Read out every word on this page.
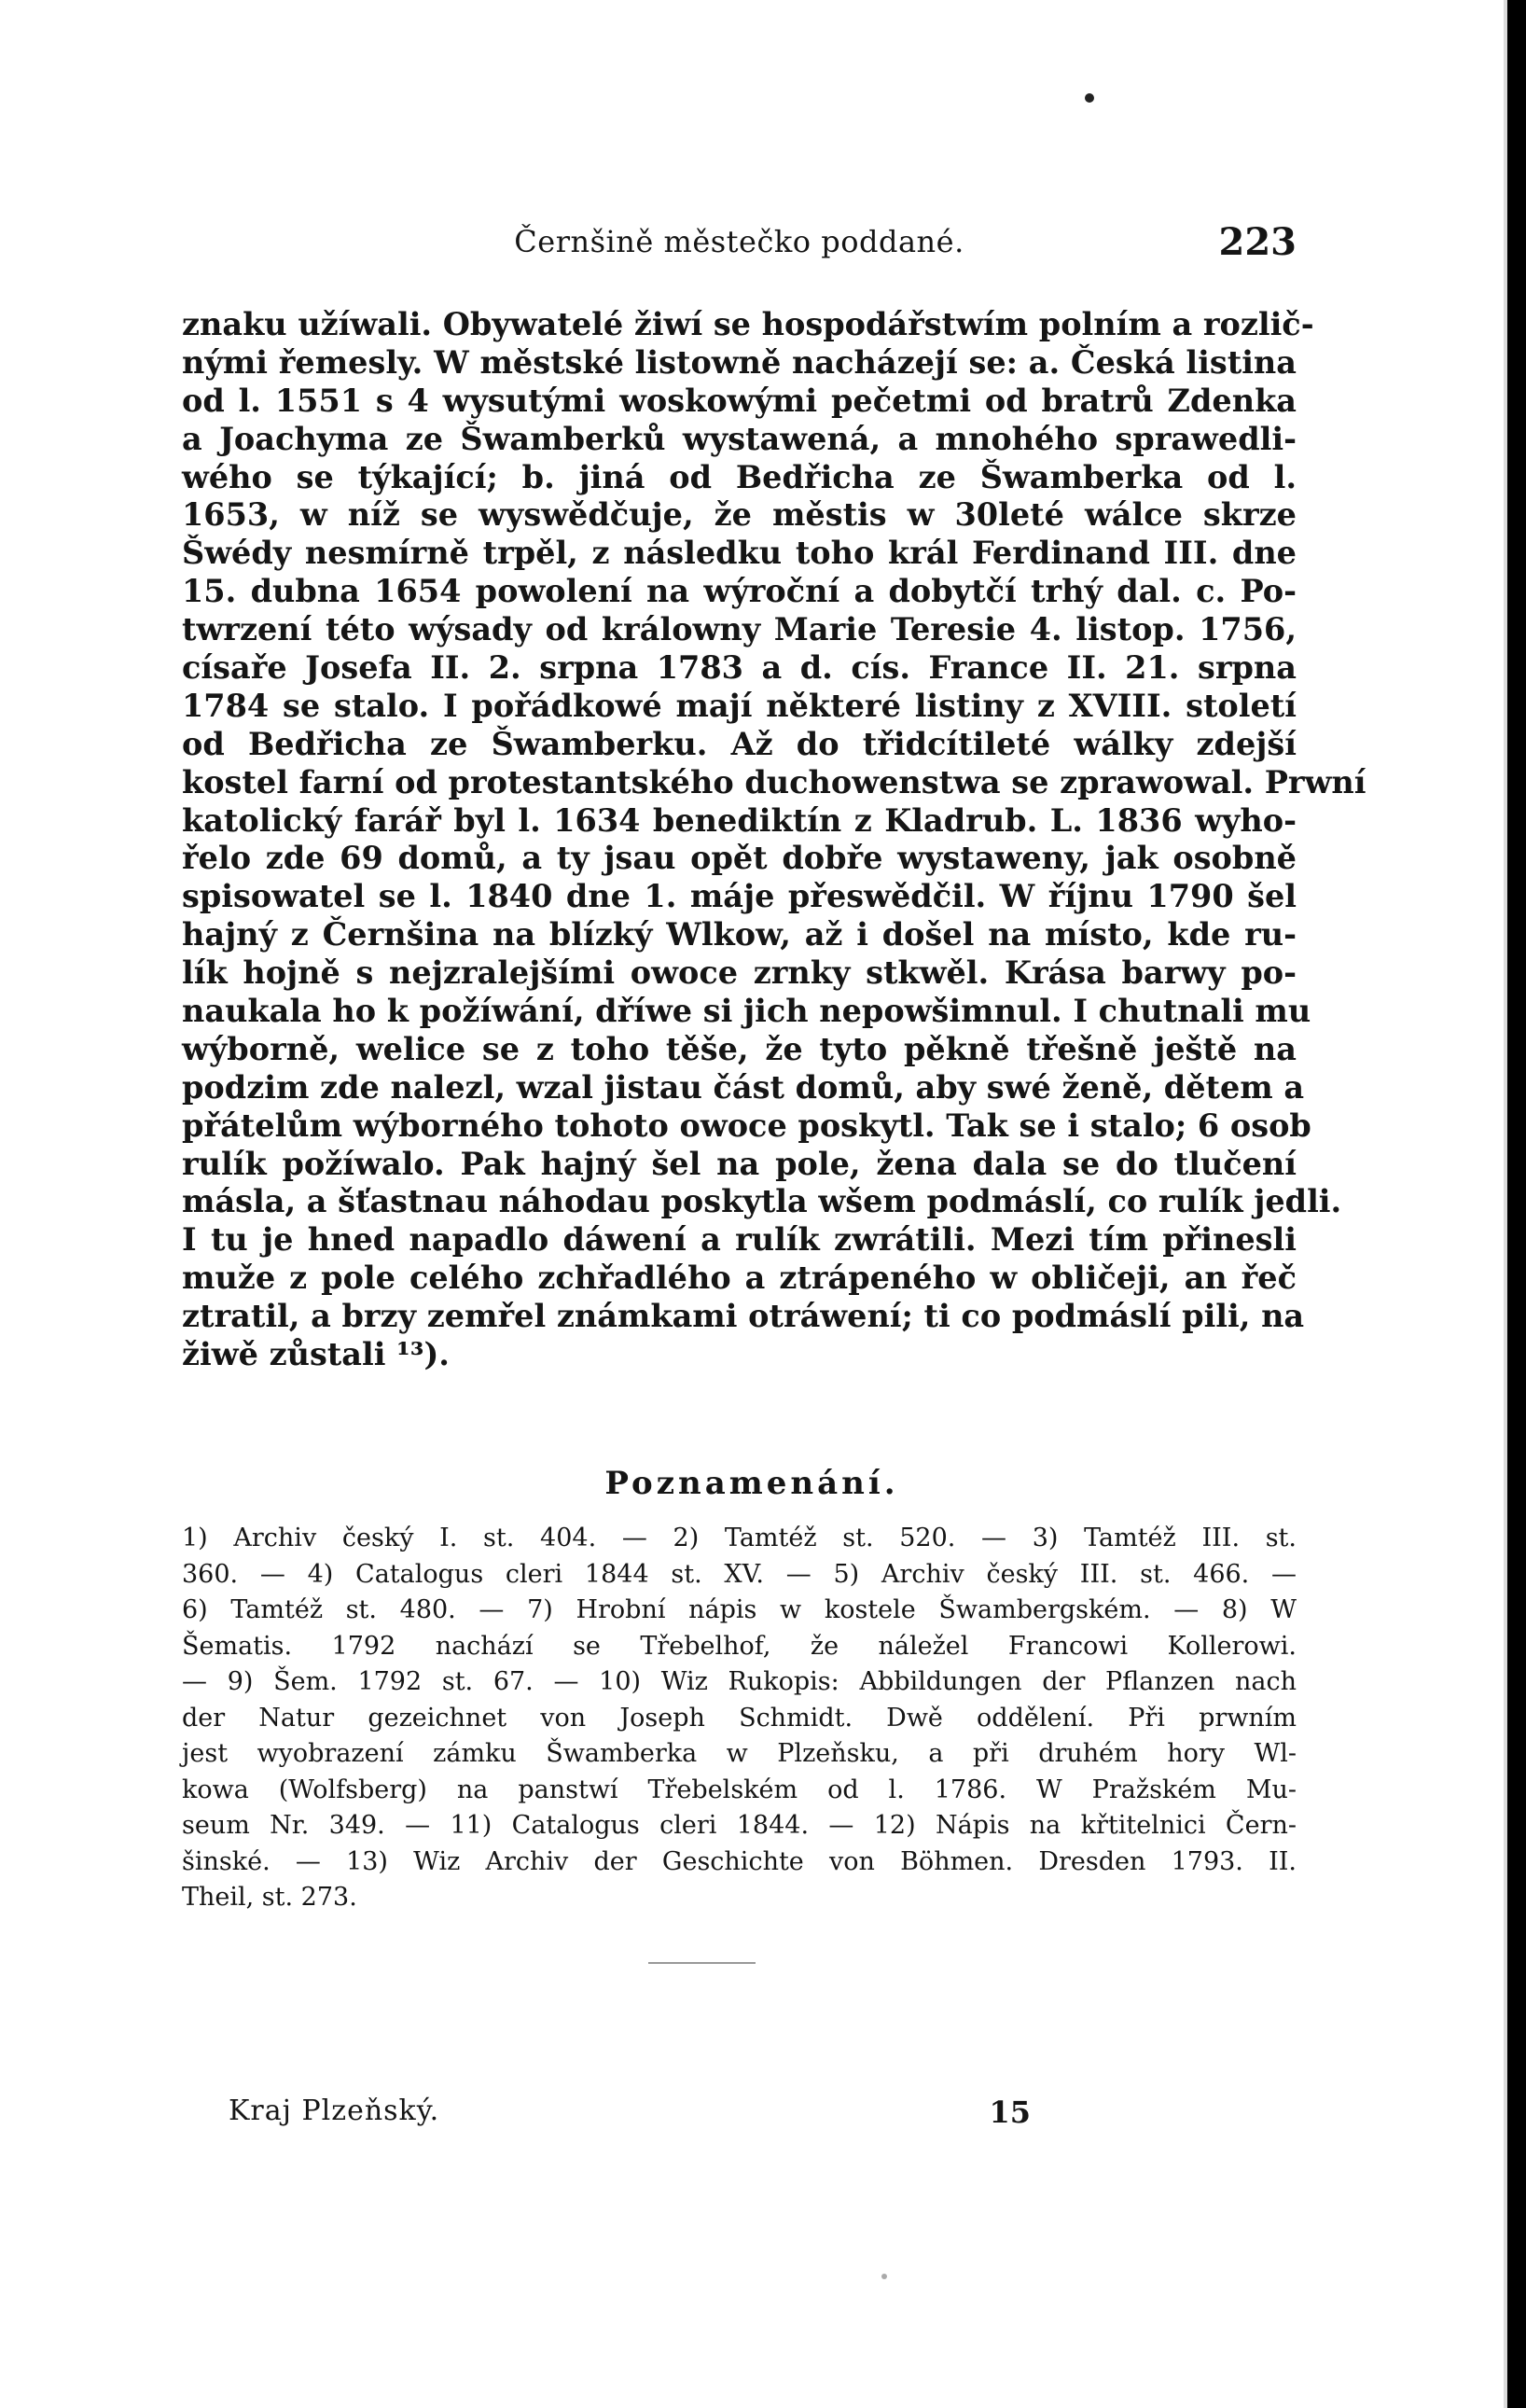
Černšině městečko poddané.	223
znaku užíwali. Obywatelé žiwí se hospodářstwím polním a rozlič-
nými řemesly. W městské listowně nacházejí se: a. Česká listina
od l. 1551 s 4 wysutými woskowými pečetmi od bratrů Zdenka
a Joachyma ze Šwamberků wystawená, a mnohého sprawedli-
wého se týkající; b. jiná od Bedřicha ze Šwamberka od l.
1653, w níž se wyswědčuje, že městis w 30leté wálce skrze
Šwédy nesmírně trpěl, z následku toho král Ferdinand III. dne
15. dubna 1654 powolení na wýroční a dobytčí trhý dal. c. Po-
twrzení této wýsady od králowny Marie Teresie 4. listop. 1756,
císaře Josefa II. 2. srpna 1783 a d. cís. France II. 21. srpna
1784 se stalo. I pořádkowé mají některé listiny z XVIII. století
od Bedřicha ze Šwamberku. Až do třidcítileté wálky zdejší
kostel farní od protestantského duchowenstwa se zprawowal. Prwní
katolický farář byl l. 1634 benediktín z Kladrub. L. 1836 wyho-
řelo zde 69 domů, a ty jsau opět dobře wystaweny, jak osobně
spisowatel se l. 1840 dne 1. máje přeswědčil. W říjnu 1790 šel
hajný z Černšina na blízký Wlkow, až i došel na místo, kde ru-
lík hojně s nejzralejšími owoce zrnky stkwěl. Krása barwy po-
naukala ho k požíwání, dříwe si jich nepowšimnul. I chutnali mu
wýborně, welice se z toho těše, že tyto pěkně třešně ještě na
podzim zde nalezl, wzal jistau část domů, aby swé ženě, dětem a
přátelům wýborného tohoto owoce poskytl. Tak se i stalo; 6 osob
rulík požíwalo. Pak hajný šel na pole, žena dala se do tlučení
másla, a šťastnau náhodau poskytla wšem podmáslí, co rulík jedli.
I tu je hned napadlo dáwení a rulík zwrátili. Mezi tím přinesli
muže z pole celého zchřadlého a ztrápeného w obličeji, an řeč
ztratil, a brzy zemřel známkami otráwení; ti co podmáslí pili, na
žiwě zůstali ¹³).
Poznamenání.
1) Archiv český I. st. 404. — 2) Tamtéž st. 520. — 3) Tamtéž III. st.
360. — 4) Catalogus cleri 1844 st. XV. — 5) Archiv český III. st. 466. —
6) Tamtéž st. 480. — 7) Hrobní nápis w kostele Šwambergském. — 8) W
Šematis. 1792 nachází se Třebelhof, že náležel Francowi Kollerowi.
— 9) Šem. 1792 st. 67. — 10) Wiz Rukopis: Abbildungen der Pflanzen nach
der Natur gezeichnet von Joseph Schmidt. Dwě oddělení. Při prwním
jest wyobrazení zámku Šwamberka w Plzeňsku, a při druhém hory Wl-
kowa (Wolfsberg) na panstwí Třebelském od l. 1786. W Pražském Mu-
seum Nr. 349. — 11) Catalogus cleri 1844. — 12) Nápis na křtitelnici Čern-
šinské. — 13) Wiz Archiv der Geschichte von Böhmen. Dresden 1793. II.
Theil, st. 273.
Kraj Plzeňský.	15
